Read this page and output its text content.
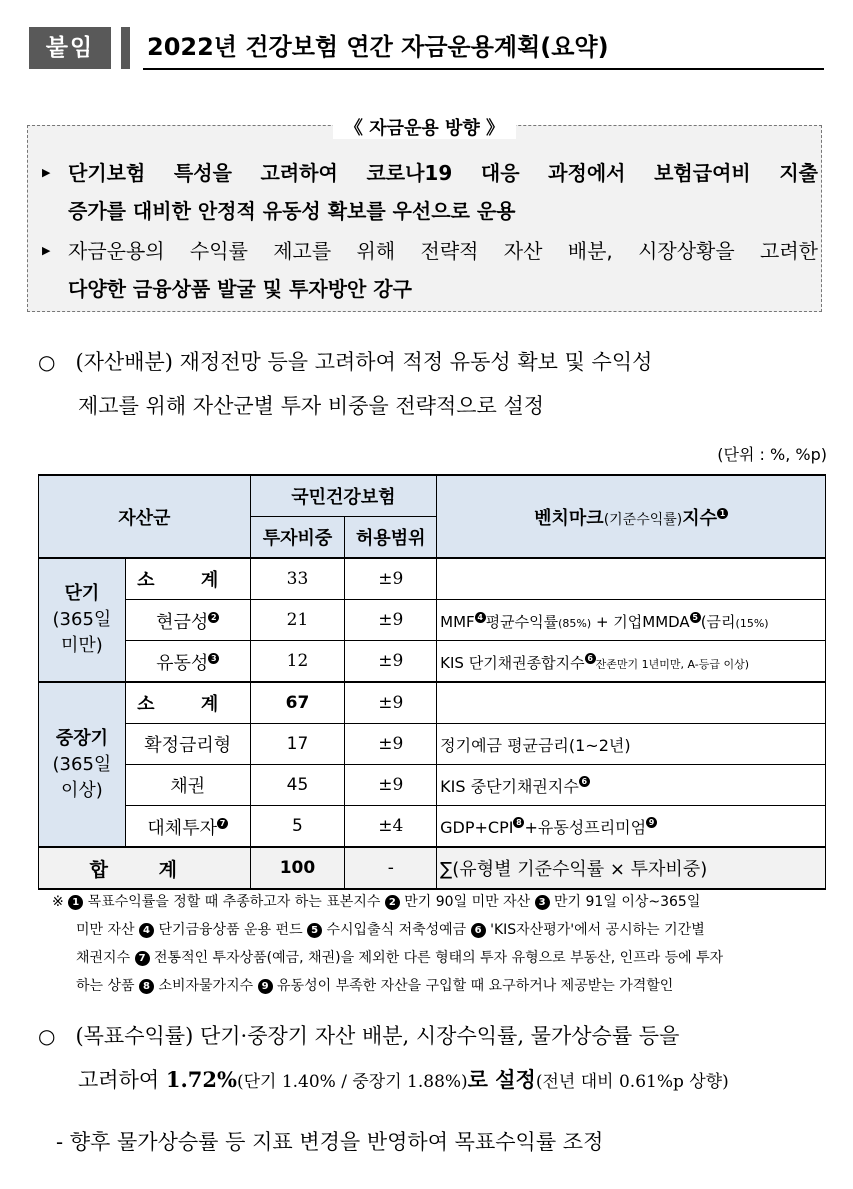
붙임	2022년 건강보험 연간 자금운용계획(요약)
《 자금운용 방향 》
▶ 단기보험 특성을 고려하여 코로나19 대응 과정에서 보험급여비 지출
증가를 대비한 안정적 유동성 확보를 우선으로 운용
▶ 자금운용의 수익률 제고를 위해 전략적 자산 배분, 시장상황을 고려한
다양한 금융상품 발굴 및 투자방안 강구
○ (자산배분) 재정전망 등을 고려하여 적정 유동성 확보 및 수익성
제고를 위해 자산군별 투자 비중을 전략적으로 설정
(단위 : %, %p)
자산군		국민건강보험		벤치마크(기준수익률)지수 $^1$
		투자비중	허용범위	

단기
(365일
미만)	소 계	33	±9	
	현금성 $^2$	21	±9	MMF $^4$ 평균수익률(85%) + 기업MMDA $^5$ (금리(15%)
	유동성 $^3$	12	±9	KIS 단기채권종합지수 $^6$ 잔존만기 1년미만, A-등급 이상)

중장기
(365일
이상)	소 계	67	±9	
	확정금리형	17	±9	정기예금 평균금리(1~2년)
	채권	45	±9	KIS 중단기채권지수 $^6$
	대체투자 $^7$	5	±4	GDP+CPI $^8$ +유동성프리미엄 $^9$
합 계		100	-	∑(유형별 기준수익률 × 투자비중)
※ 1 목표수익률을 정할 때 추종하고자 하는 표본지수 2 만기 90일 미만 자산 3 만기 91일 이상~365일
미만 자산 4 단기금융상품 운용 펀드 5 수시입출식 저축성예금 6 'KIS자산평가'에서 공시하는 기간별
채권지수 7 전통적인 투자상품(예금, 채권)을 제외한 다른 형태의 투자 유형으로 부동산, 인프라 등에 투자
하는 상품 8 소비자물가지수 9 유동성이 부족한 자산을 구입할 때 요구하거나 제공받는 가격할인
○ (목표수익률) 단기·중장기 자산 배분, 시장수익률, 물가상승률 등을
고려하여 1.72%(단기 1.40% / 중장기 1.88%)로 설정(전년 대비 0.61%p 상향)
- 향후 물가상승률 등 지표 변경을 반영하여 목표수익률 조정
